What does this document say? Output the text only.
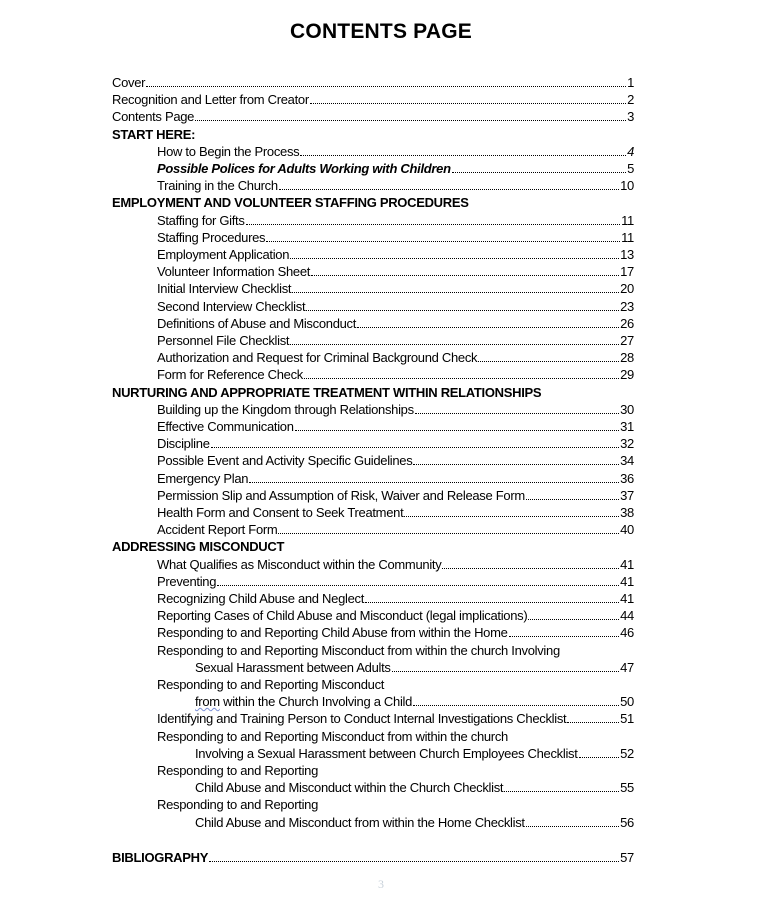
CONTENTS PAGE
Cover	1
Recognition and Letter from Creator	2
Contents Page	3
START HERE:
How to Begin the Process	4
Possible Polices for Adults Working with Children	5
Training in the Church	10
EMPLOYMENT AND VOLUNTEER STAFFING PROCEDURES
Staffing for Gifts	11
Staffing Procedures	11
Employment Application	13
Volunteer Information Sheet	17
Initial Interview Checklist	20
Second Interview Checklist	23
Definitions of Abuse and Misconduct	26
Personnel File Checklist	27
Authorization and Request for Criminal Background Check	28
Form for Reference Check	29
NURTURING AND APPROPRIATE TREATMENT WITHIN RELATIONSHIPS
Building up the Kingdom through Relationships	30
Effective Communication	31
Discipline	32
Possible Event and Activity Specific Guidelines	34
Emergency Plan	36
Permission Slip and Assumption of Risk, Waiver and Release Form	37
Health Form and Consent to Seek Treatment	38
Accident Report Form	40
ADDRESSING MISCONDUCT
What Qualifies as Misconduct within the Community	41
Preventing	41
Recognizing Child Abuse and Neglect	41
Reporting Cases of Child Abuse and Misconduct (legal implications)	44
Responding to and Reporting Child Abuse from within the Home	46
Responding to and Reporting Misconduct from within the church Involving
Sexual Harassment between Adults	47
Responding to and Reporting Misconduct
from within the Church Involving a Child	50
Identifying and Training Person to Conduct Internal Investigations Checklist	51
Responding to and Reporting Misconduct from within the church
Involving a Sexual Harassment between Church Employees Checklist	52
Responding to and Reporting
Child Abuse and Misconduct within the Church Checklist	55
Responding to and Reporting
Child Abuse and Misconduct from within the Home Checklist	56
BIBLIOGRAPHY	57
3
